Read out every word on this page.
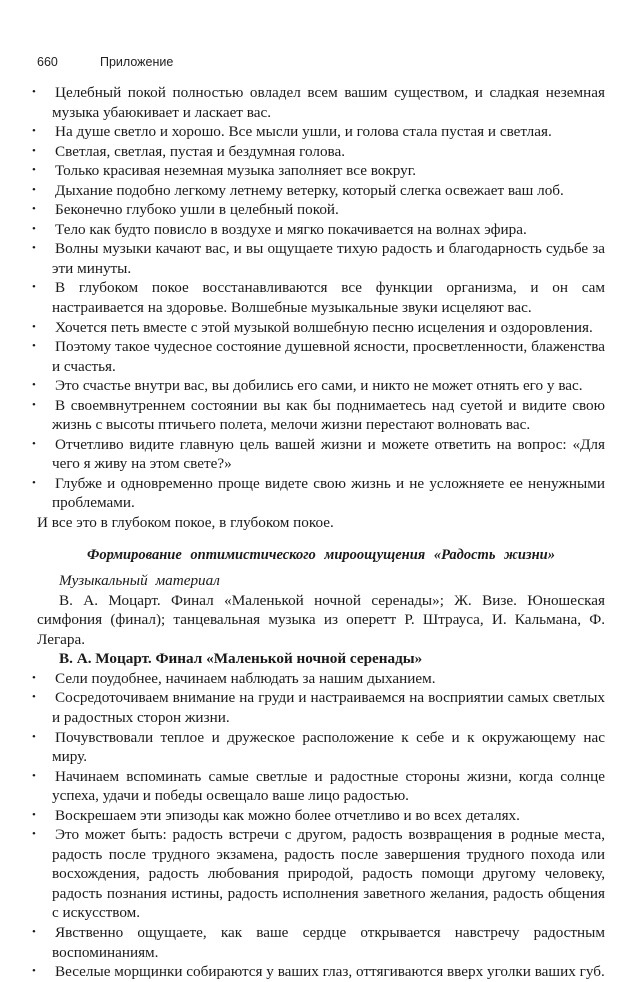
660	Приложение
•	Целебный покой полностью овладел всем вашим существом, и сладкая неземная музыка убаюкивает и ласкает вас.
•	На душе светло и хорошо. Все мысли ушли, и голова стала пустая и светлая.
•	Светлая, светлая, пустая и бездумная голова.
•	Только красивая неземная музыка заполняет все вокруг.
•	Дыхание подобно легкому летнему ветерку, который слегка освежает ваш лоб.
•	Беконечно глубоко ушли в целебный покой.
•	Тело как будто повисло в воздухе и мягко покачивается на волнах эфира.
•	Волны музыки качают вас, и вы ощущаете тихую радость и благодарность судьбе за эти минуты.
•	В глубоком покое восстанавливаются все функции организма, и он сам настраивается на здоровье. Волшебные музыкальные звуки исцеляют вас.
•	Хочется петь вместе с этой музыкой волшебную песню исцеления и оздоровления.
•	Поэтому такое чудесное состояние душевной ясности, просветленности, блаженства и счастья.
•	Это счастье внутри вас, вы добились его сами, и никто не может отнять его у вас.
•	В своемвнутреннем состоянии вы как бы поднимаетесь над суетой и видите свою жизнь с высоты птичьего полета, мелочи жизни перестают волновать вас.
•	Отчетливо видите главную цель вашей жизни и можете ответить на вопрос: «Для чего я живу на этом свете?»
•	Глубже и одновременно проще видете свою жизнь и не усложняете ее ненужными проблемами.
И все это в глубоком покое, в глубоком покое.
Формирование оптимистического мироощущения «Радость жизни»
Музыкальный материал
В. А. Моцарт. Финал «Маленькой ночной серенады»; Ж. Визе. Юношеская симфония (финал); танцевальная музыка из оперетт Р. Штрауса, И. Кальмана, Ф. Легара.
В. А. Моцарт. Финал «Маленькой ночной серенады»
•	Сели поудобнее, начинаем наблюдать за нашим дыханием.
•	Сосредоточиваем внимание на груди и настраиваемся на восприятии самых светлых и радостных сторон жизни.
•	Почувствовали теплое и дружеское расположение к себе и к окружающему нас миру.
•	Начинаем вспоминать самые светлые и радостные стороны жизни, когда солнце успеха, удачи и победы освещало ваше лицо радостью.
•	Воскрешаем эти эпизоды как можно более отчетливо и во всех деталях.
•	Это может быть: радость встречи с другом, радость возвращения в родные места, радость после трудного экзамена, радость после завершения трудного похода или восхождения, радость любования природой, радость помощи другому человеку, радость познания истины, радость исполнения заветного желания, радость общения с искусством.
•	Явственно ощущаете, как ваше сердце открывается навстречу радостным воспоминаниям.
•	Веселые морщинки собираются у ваших глаз, оттягиваются вверх уголки ваших губ.
